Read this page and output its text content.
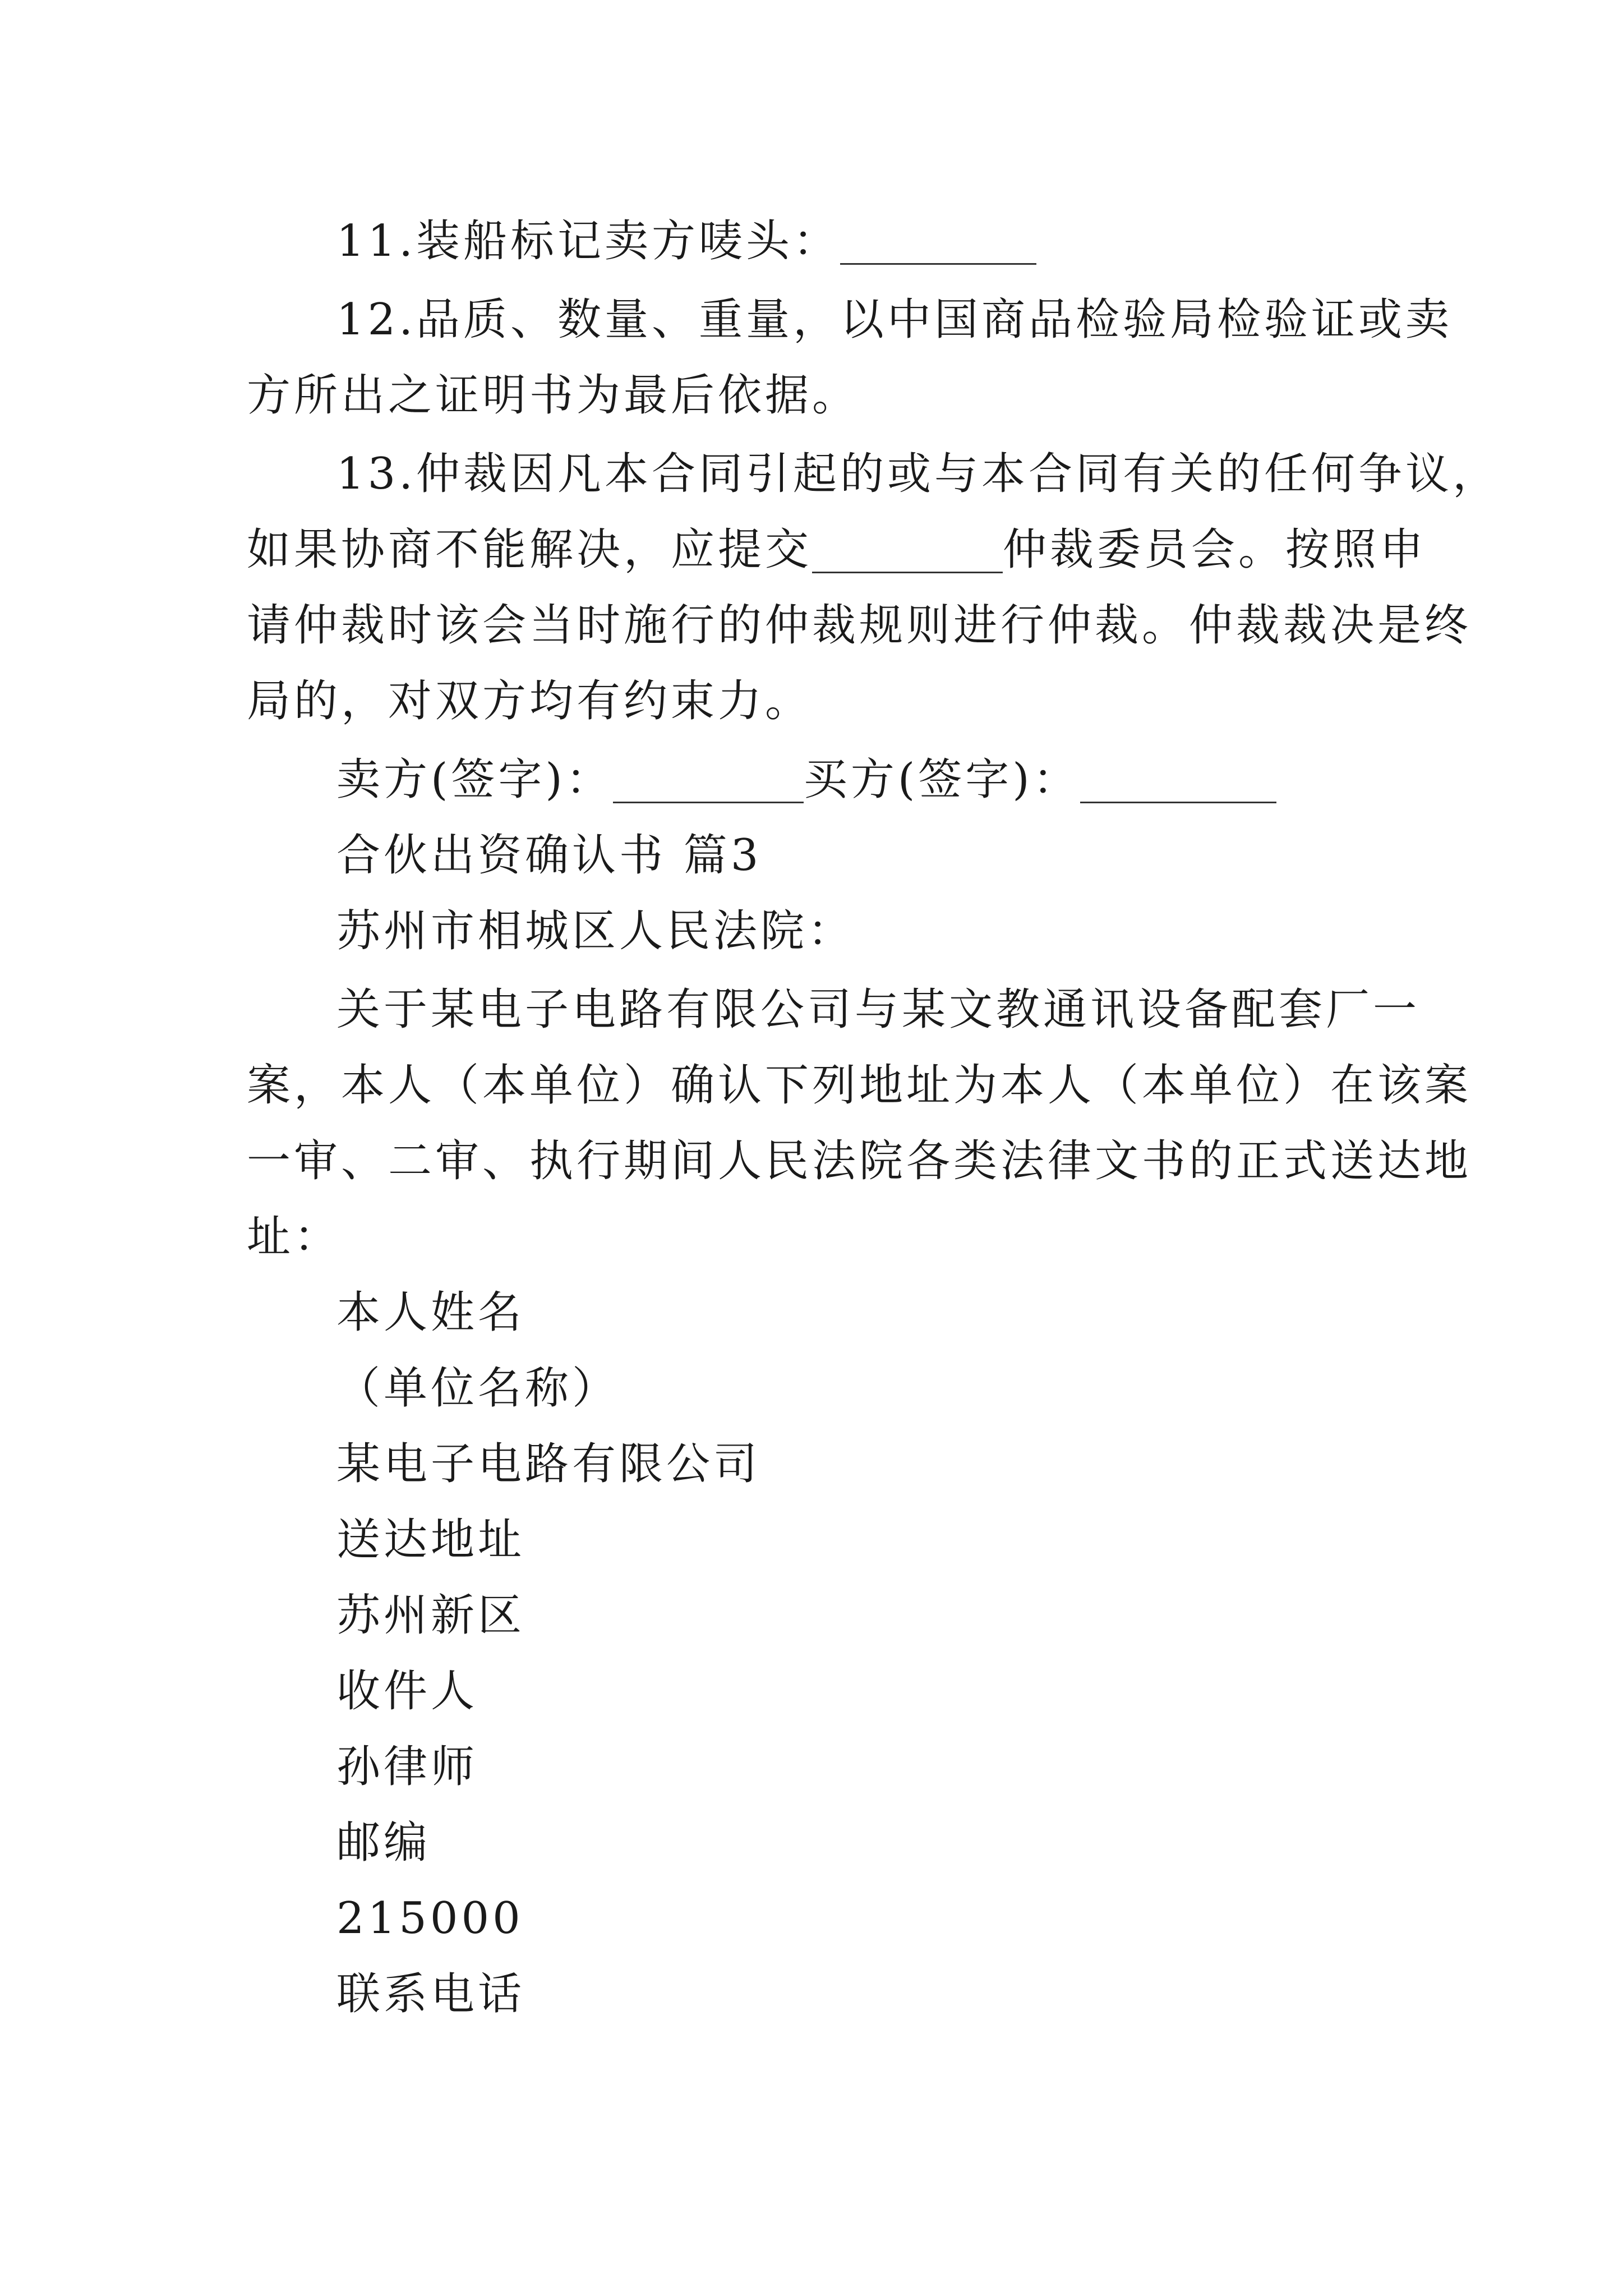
11.装船标记卖方唛头：
12.品质、数量、重量，以中国商品检验局检验证或卖
方所出之证明书为最后依据。
13.仲裁因凡本合同引起的或与本合同有关的任何争议，
如果协商不能解决，应提交	仲裁委员会。按照申
请仲裁时该会当时施行的仲裁规则进行仲裁。仲裁裁决是终
局的，对双方均有约束力。
卖方(签字)：	买方(签字)：
合伙出资确认书 篇3
苏州市相城区人民法院：
关于某电子电路有限公司与某文教通讯设备配套厂一
案，本人（本单位）确认下列地址为本人（本单位）在该案
一审、二审、执行期间人民法院各类法律文书的正式送达地
址：
本人姓名
（单位名称）
某电子电路有限公司
送达地址
苏州新区
收件人
孙律师
邮编
215000
联系电话
